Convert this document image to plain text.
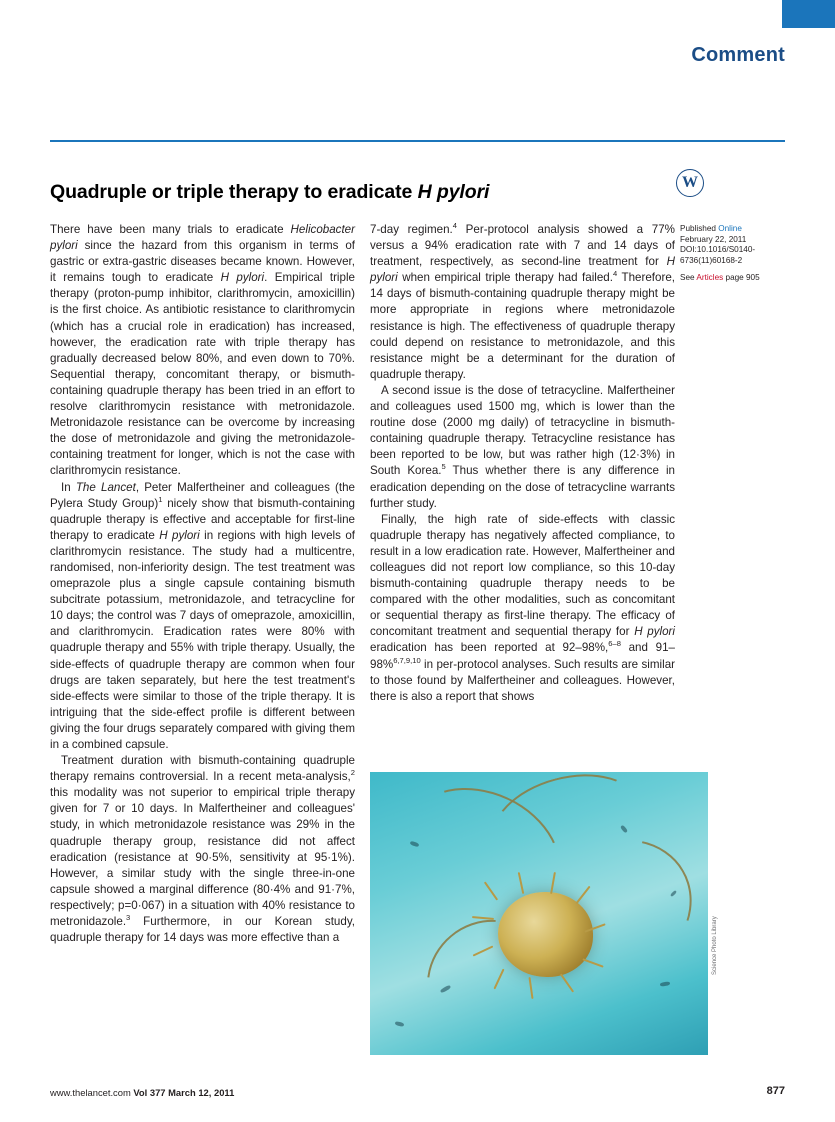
Comment
Quadruple or triple therapy to eradicate H pylori	W
Published Online
February 22, 2011
DOI:10.1016/S0140-
6736(11)60168-2
See Articles page 905

There have been many trials to eradicate Helicobacter pylori since the hazard from this organism in terms of gastric or extra-gastric diseases became known. However, it remains tough to eradicate H pylori. Empirical triple therapy (proton-pump inhibitor, clarithromycin, amoxicillin) is the first choice. As antibiotic resistance to clarithromycin (which has a crucial role in eradication) has increased, however, the eradication rate with triple therapy has gradually decreased below 80%, and even down to 70%. Sequential therapy, concomitant therapy, or bismuth-containing quadruple therapy has been tried in an effort to resolve clarithromycin resistance with metronidazole. Metronidazole resistance can be overcome by increasing the dose of metronidazole and giving the metronidazole-containing treatment for longer, which is not the case with clarithromycin resistance.

In The Lancet, Peter Malfertheiner and colleagues (the Pylera Study Group)$^1$ nicely show that bismuth-containing quadruple therapy is effective and acceptable for first-line therapy to eradicate H pylori in regions with high levels of clarithromycin resistance. The study had a multicentre, randomised, non-inferiority design. The test treatment was omeprazole plus a single capsule containing bismuth subcitrate potassium, metronidazole, and tetracycline for 10 days; the control was 7 days of omeprazole, amoxicillin, and clarithromycin. Eradication rates were 80% with quadruple therapy and 55% with triple therapy. Usually, the side-effects of quadruple therapy are common when four drugs are taken separately, but here the test treatment's side-effects were similar to those of the triple therapy. It is intriguing that the side-effect profile is different between giving the four drugs separately compared with giving them in a combined capsule.

Treatment duration with bismuth-containing quadruple therapy remains controversial. In a recent meta-analysis,$^2$ this modality was not superior to empirical triple therapy given for 7 or 10 days. In Malfertheiner and colleagues' study, in which metronidazole resistance was 29% in the quadruple therapy group, resistance did not affect eradication (resistance at 90·5%, sensitivity at 95·1%). However, a similar study with the single three-in-one capsule showed a marginal difference (80·4% and 91·7%, respectively; p=0·067) in a situation with 40% resistance to metronidazole.$^3$ Furthermore, in our Korean study, quadruple therapy for 14 days was more effective than a

7-day regimen.$^4$ Per-protocol analysis showed a 77% versus a 94% eradication rate with 7 and 14 days of treatment, respectively, as second-line treatment for H pylori when empirical triple therapy had failed.$^4$ Therefore, 14 days of bismuth-containing quadruple therapy might be more appropriate in regions where metronidazole resistance is high. The effectiveness of quadruple therapy could depend on resistance to metronidazole, and this resistance might be a determinant for the duration of quadruple therapy.

A second issue is the dose of tetracycline. Malfertheiner and colleagues used 1500 mg, which is lower than the routine dose (2000 mg daily) of tetracycline in bismuth-containing quadruple therapy. Tetracycline resistance has been reported to be low, but was rather high (12·3%) in South Korea.$^5$ Thus whether there is any difference in eradication depending on the dose of tetracycline warrants further study.

Finally, the high rate of side-effects with classic quadruple therapy has negatively affected compliance, to result in a low eradication rate. However, Malfertheiner and colleagues did not report low compliance, so this 10-day bismuth-containing quadruple therapy needs to be compared with the other modalities, such as concomitant or sequential therapy as first-line therapy. The efficacy of concomitant treatment and sequential therapy for H pylori eradication has been reported at 92–98%,$^{6-8}$ and 91–98%$^{6,7,9,10}$ in per-protocol analyses. Such results are similar to those found by Malfertheiner and colleagues. However, there is also a report that shows

Science Photo Library
www.thelancet.com Vol 377 March 12, 2011	877
